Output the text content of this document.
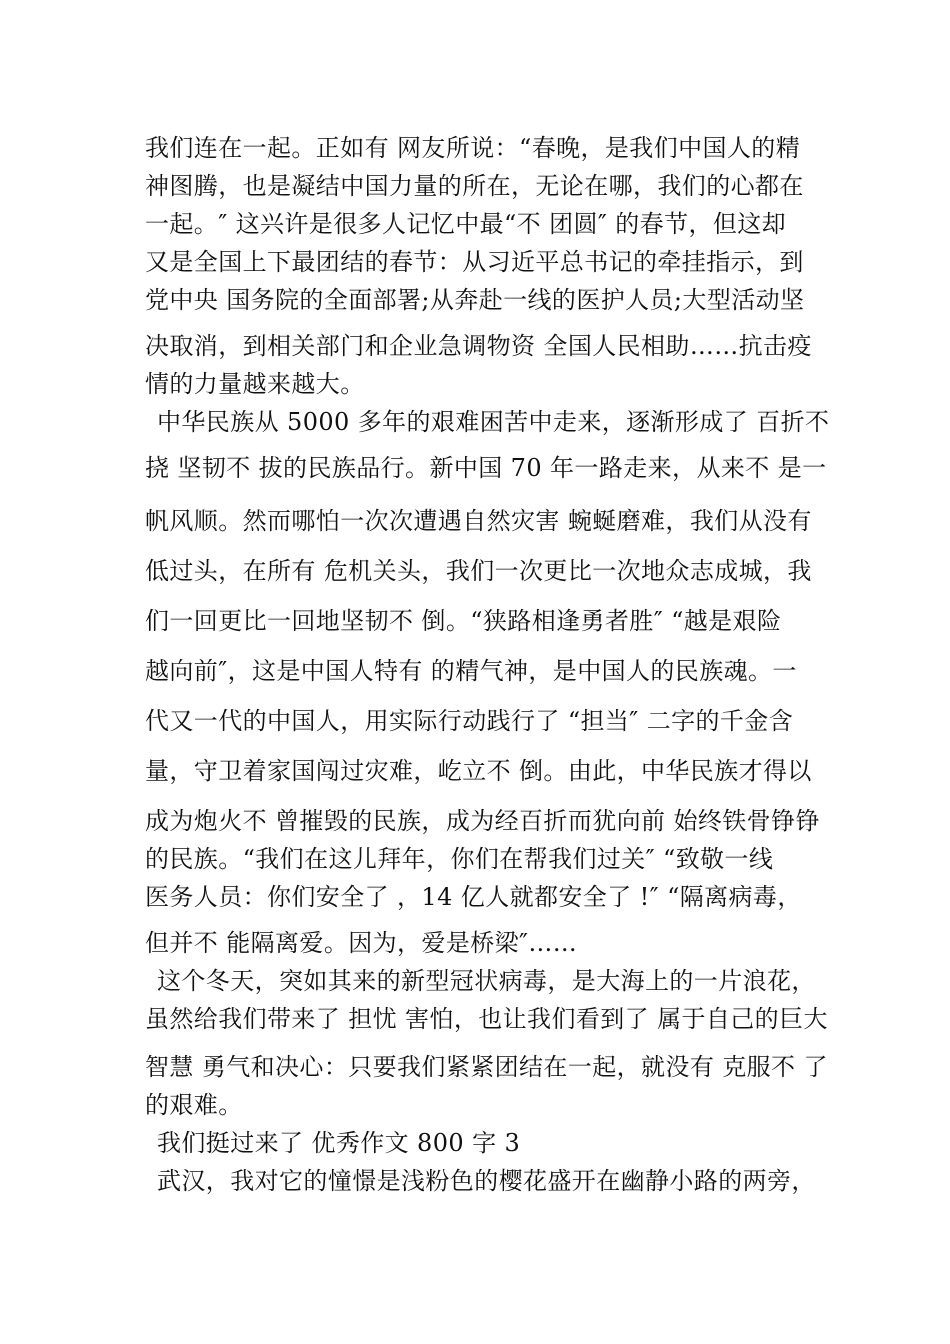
我们连在一起。正如有 网友所说：“春晚，是我们中国人的精
神图腾，也是凝结中国力量的所在，无论在哪，我们的心都在
一起。″ 这兴许是很多人记忆中最“不 团圆″ 的春节，但这却
又是全国上下最团结的春节：从习近平总书记的牵挂指示，到
党中央 国务院的全面部署;从奔赴一线的医护人员;大型活动坚
决取消，到相关部门和企业急调物资 全国人民相助……抗击疫
情的力量越来越大。
中华民族从 5000 多年的艰难困苦中走来，逐渐形成了 百折不
挠 坚韧不 拔的民族品行。新中国 70 年一路走来，从来不 是一
帆风顺。然而哪怕一次次遭遇自然灾害 蜿蜒磨难，我们从没有
低过头，在所有 危机关头，我们一次更比一次地众志成城，我
们一回更比一回地坚韧不 倒。“狭路相逢勇者胜″ “越是艰险
越向前″，这是中国人特有 的精气神，是中国人的民族魂。一
代又一代的中国人，用实际行动践行了 “担当″ 二字的千金含
量，守卫着家国闯过灾难，屹立不 倒。由此，中华民族才得以
成为炮火不 曾摧毁的民族，成为经百折而犹向前 始终铁骨铮铮
的民族。“我们在这儿拜年，你们在帮我们过关″ “致敬一线
医务人员：你们安全了 ，14 亿人就都安全了 !″ “隔离病毒，
但并不 能隔离爱。因为，爱是桥梁″……
这个冬天，突如其来的新型冠状病毒，是大海上的一片浪花，
虽然给我们带来了 担忧 害怕，也让我们看到了 属于自己的巨大
智慧 勇气和决心：只要我们紧紧团结在一起，就没有 克服不 了
的艰难。
我们挺过来了 优秀作文 800 字 3
武汉，我对它的憧憬是浅粉色的樱花盛开在幽静小路的两旁，
